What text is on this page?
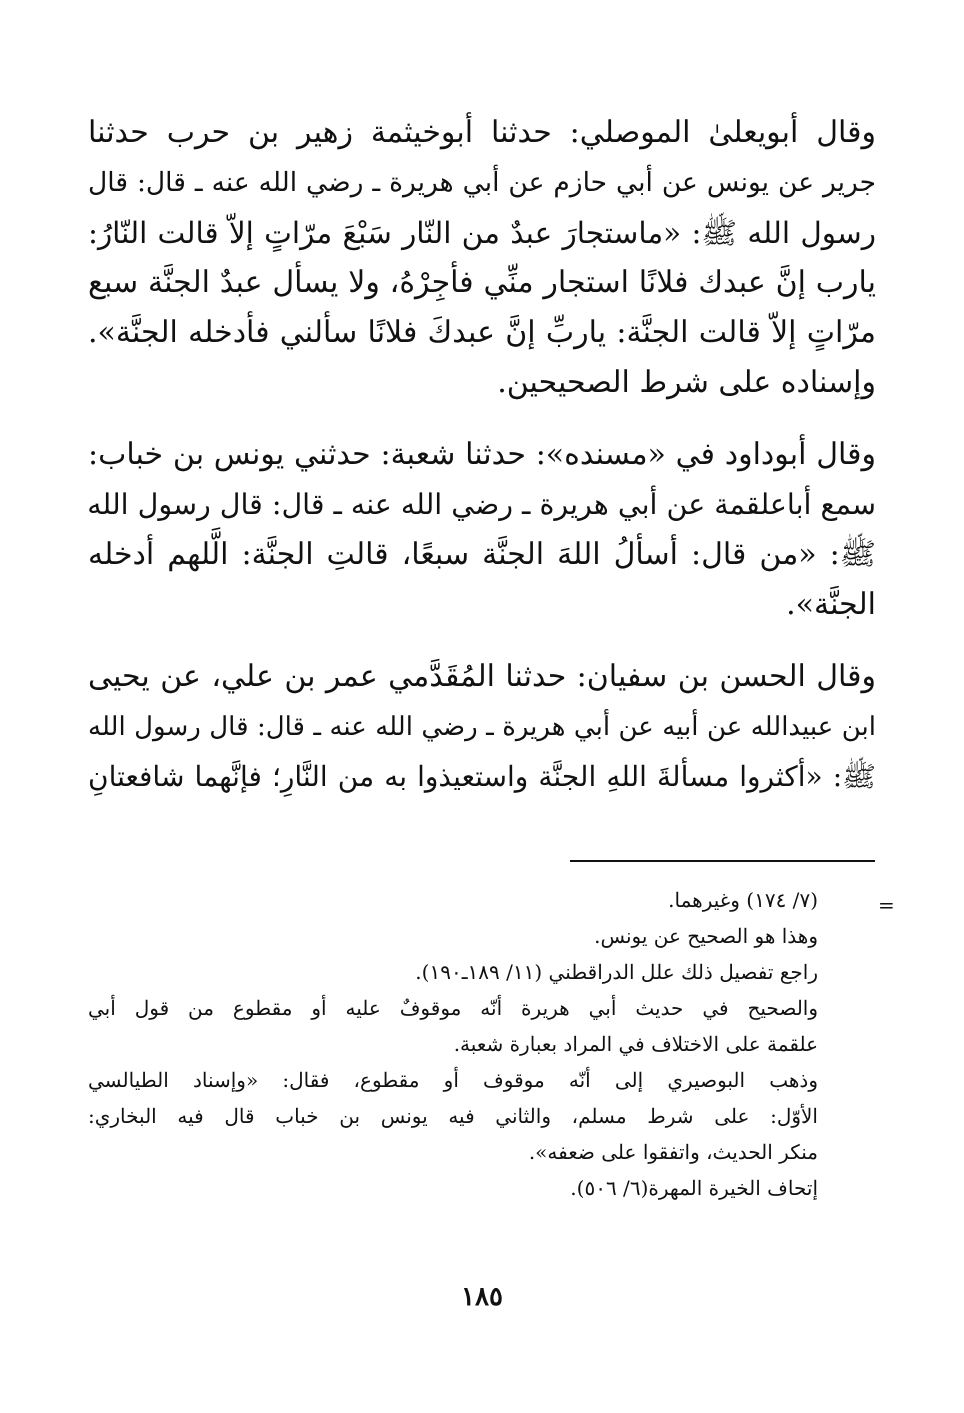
وقال أبويعلىٰ الموصلي: حدثنا أبوخيثمة زهير بن حرب حدثنا
جرير عن يونس عن أبي حازم عن أبي هريرة ـ رضي الله عنه ـ قال: قال
رسول الله ﷺ: «ماستجارَ عبدٌ من النّار سَبْعَ مرّاتٍ إلاّ قالت النّارُ:
يارب إنَّ عبدك فلانًا استجار منِّي فأجِرْهُ، ولا يسأل عبدٌ الجنَّة سبع
مرّاتٍ إلاّ قالت الجنَّة: ياربِّ إنَّ عبدكَ فلانًا سألني فأدخله الجنَّة».
وإسناده على شرط الصحيحين.
وقال أبوداود في «مسنده»: حدثنا شعبة: حدثني يونس بن خباب:
سمع أباعلقمة عن أبي هريرة ـ رضي الله عنه ـ قال: قال رسول الله
ﷺ: «من قال: أسألُ اللهَ الجنَّة سبعًا، قالتِ الجنَّة: الَّلهم أدخله
الجنَّة».
وقال الحسن بن سفيان: حدثنا المُقَدَّمي عمر بن علي، عن يحيى
ابن عبيدالله عن أبيه عن أبي هريرة ـ رضي الله عنه ـ قال: قال رسول الله
ﷺ: «أكثروا مسألةَ اللهِ الجنَّة واستعيذوا به من النَّارِ؛ فإنَّهما شافعتانِ
=
(٧/ ١٧٤) وغيرهما.
وهذا هو الصحيح عن يونس.
راجع تفصيل ذلك علل الدراقطني (١١/ ١٨٩ـ١٩٠).
والصحيح في حديث أبي هريرة أنّه موقوفٌ عليه أو مقطوع من قول أبي
علقمة على الاختلاف في المراد بعبارة شعبة.
وذهب البوصيري إلى أنّه موقوف أو مقطوع، فقال: «وإسناد الطيالسي
الأوّل: على شرط مسلم، والثاني فيه يونس بن خباب قال فيه البخاري:
منكر الحديث، واتفقوا على ضعفه».
إتحاف الخيرة المهرة(٦/ ٥٠٦).
١٨٥
